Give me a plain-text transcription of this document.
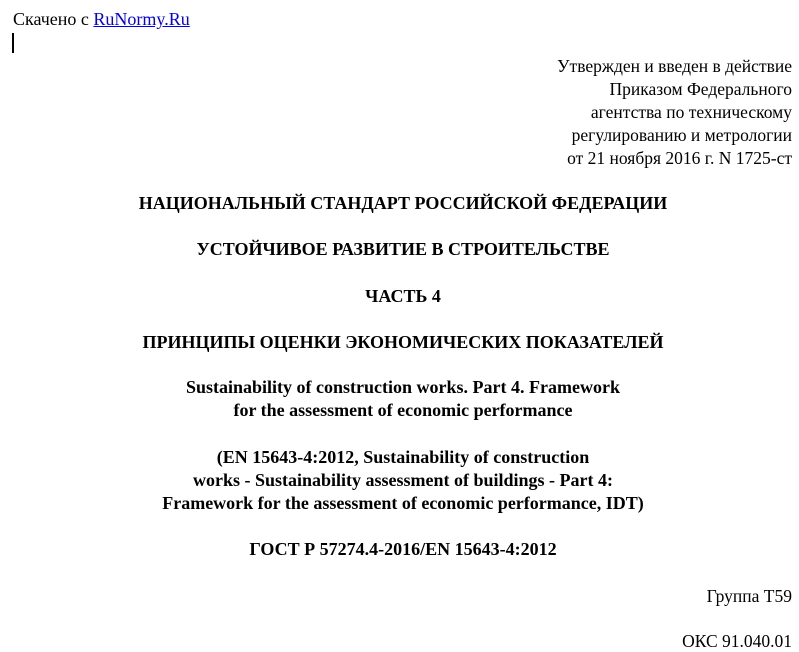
Скачено с RuNormy.Ru
Утвержден и введен в действие
Приказом Федерального
агентства по техническому
регулированию и метрологии
от 21 ноября 2016 г. N 1725-ст
НАЦИОНАЛЬНЫЙ СТАНДАРТ РОССИЙСКОЙ ФЕДЕРАЦИИ
УСТОЙЧИВОЕ РАЗВИТИЕ В СТРОИТЕЛЬСТВЕ
ЧАСТЬ 4
ПРИНЦИПЫ ОЦЕНКИ ЭКОНОМИЧЕСКИХ ПОКАЗАТЕЛЕЙ
Sustainability of construction works. Part 4. Framework
for the assessment of economic performance
(EN 15643-4:2012, Sustainability of construction
works - Sustainability assessment of buildings - Part 4:
Framework for the assessment of economic performance, IDT)
ГОСТ Р 57274.4-2016/EN 15643-4:2012
Группа Т59
ОКС 91.040.01
